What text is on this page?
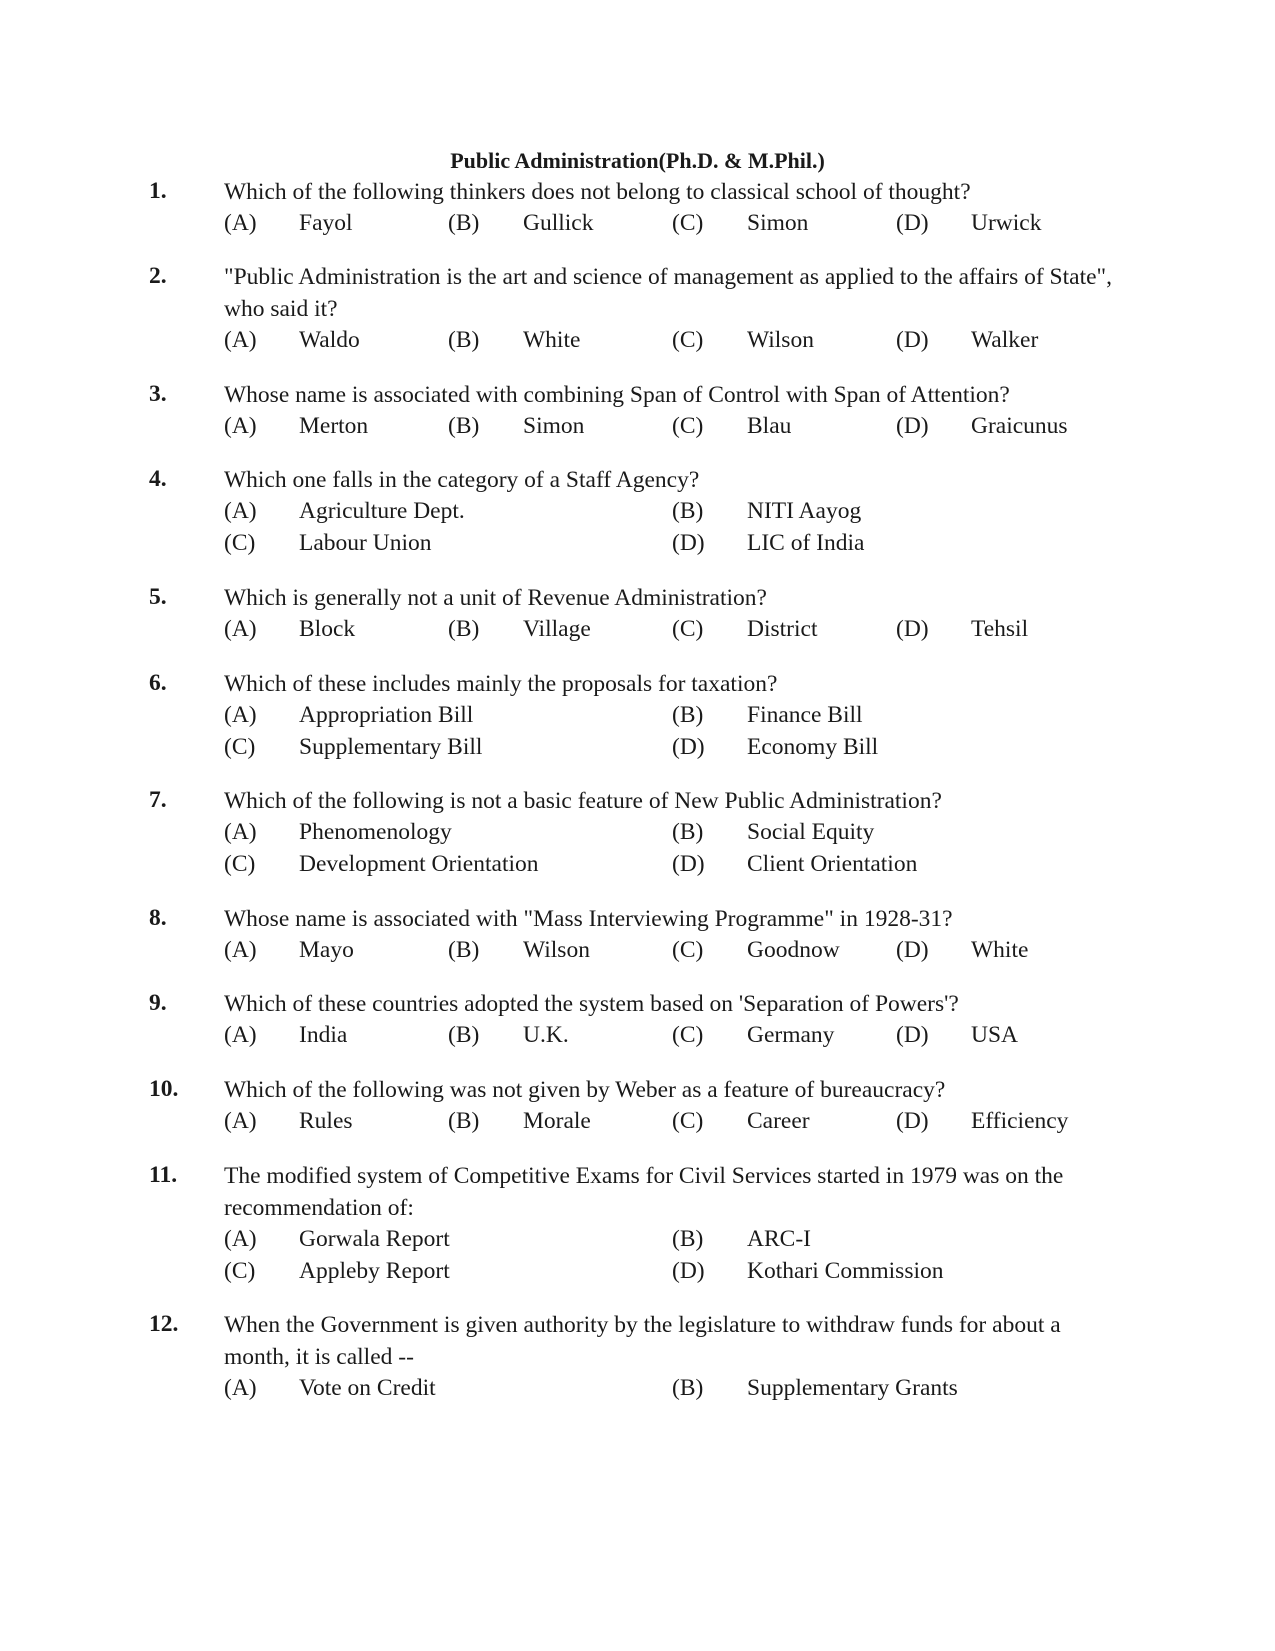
Public Administration(Ph.D. & M.Phil.)
1. Which of the following thinkers does not belong to classical school of thought?
(A) Fayol	(B) Gullick	(C) Simon	(D) Urwick
2. "Public Administration is the art and science of management as applied to the affairs of State", who said it?
(A) Waldo	(B) White	(C) Wilson	(D) Walker
3. Whose name is associated with combining Span of Control with Span of Attention?
(A) Merton	(B) Simon	(C) Blau	(D) Graicunus
4. Which one falls in the category of a Staff Agency?
(A) Agriculture Dept.	(B) NITI Aayog
(C) Labour Union	(D) LIC of India
5. Which is generally not a unit of Revenue Administration?
(A) Block	(B) Village	(C) District	(D) Tehsil
6. Which of these includes mainly the proposals for taxation?
(A) Appropriation Bill	(B) Finance Bill
(C) Supplementary Bill	(D) Economy Bill
7. Which of the following is not a basic feature of New Public Administration?
(A) Phenomenology	(B) Social Equity
(C) Development Orientation	(D) Client Orientation
8. Whose name is associated with "Mass Interviewing Programme" in 1928-31?
(A) Mayo	(B) Wilson	(C) Goodnow (D) White
9. Which of these countries adopted the system based on 'Separation of Powers'?
(A) India	(B) U.K.	(C) Germany	(D) USA
10. Which of the following was not given by Weber as a feature of bureaucracy?
(A) Rules	(B) Morale	(C) Career	(D) Efficiency
11. The modified system of Competitive Exams for Civil Services started in 1979 was on the recommendation of:
(A) Gorwala Report	(B) ARC-I
(C) Appleby Report	(D) Kothari Commission
12. When the Government is given authority by the legislature to withdraw funds for about a month, it is called --
(A) Vote on Credit	(B) Supplementary Grants
